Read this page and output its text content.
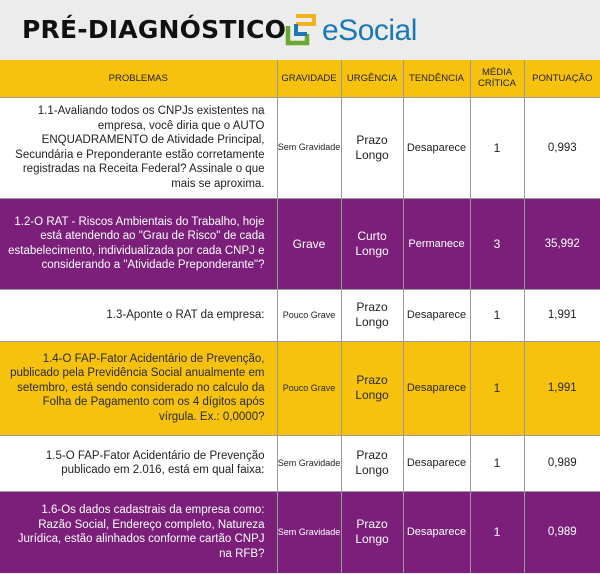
PRÉ-DIAGNÓSTICO eSocial
PROBLEMAS	GRAVIDADE	URGÊNCIA	TENDÊNCIA	MÉDIA CRÍTICA	PONTUAÇÃO
1.1-Avaliando todos os CNPJs existentes na empresa, você diria que o AUTO ENQUADRAMENTO de Atividade Principal, Secundária e Preponderante estão corretamente registradas na Receita Federal? Assinale o que mais se aproxima.	Sem Gravidade	Prazo Longo	Desaparece	1	0,993
1.2-O RAT - Riscos Ambientais do Trabalho, hoje está atendendo ao "Grau de Risco" de cada estabelecimento, individualizada por cada CNPJ e considerando a "Atividade Preponderante"?	Grave	Curto Longo	Permanece	3	35,992
1.3-Aponte o RAT da empresa:	Pouco Grave	Prazo Longo	Desaparece	1	1,991
1.4-O FAP-Fator Acidentário de Prevenção, publicado pela Previdência Social anualmente em setembro, está sendo considerado no calculo da Folha de Pagamento com os 4 dígitos após vírgula. Ex.: 0,0000?	Pouco Grave	Prazo Longo	Desaparece	1	1,991
1.5-O FAP-Fator Acidentário de Prevenção publicado em 2.016, está em qual faixa:	Sem Gravidade	Prazo Longo	Desaparece	1	0,989
1.6-Os dados cadastrais da empresa como: Razão Social, Endereço completo, Natureza Jurídica, estão alinhados conforme cartão CNPJ na RFB?	Sem Gravidade	Prazo Longo	Desaparece	1	0,989
